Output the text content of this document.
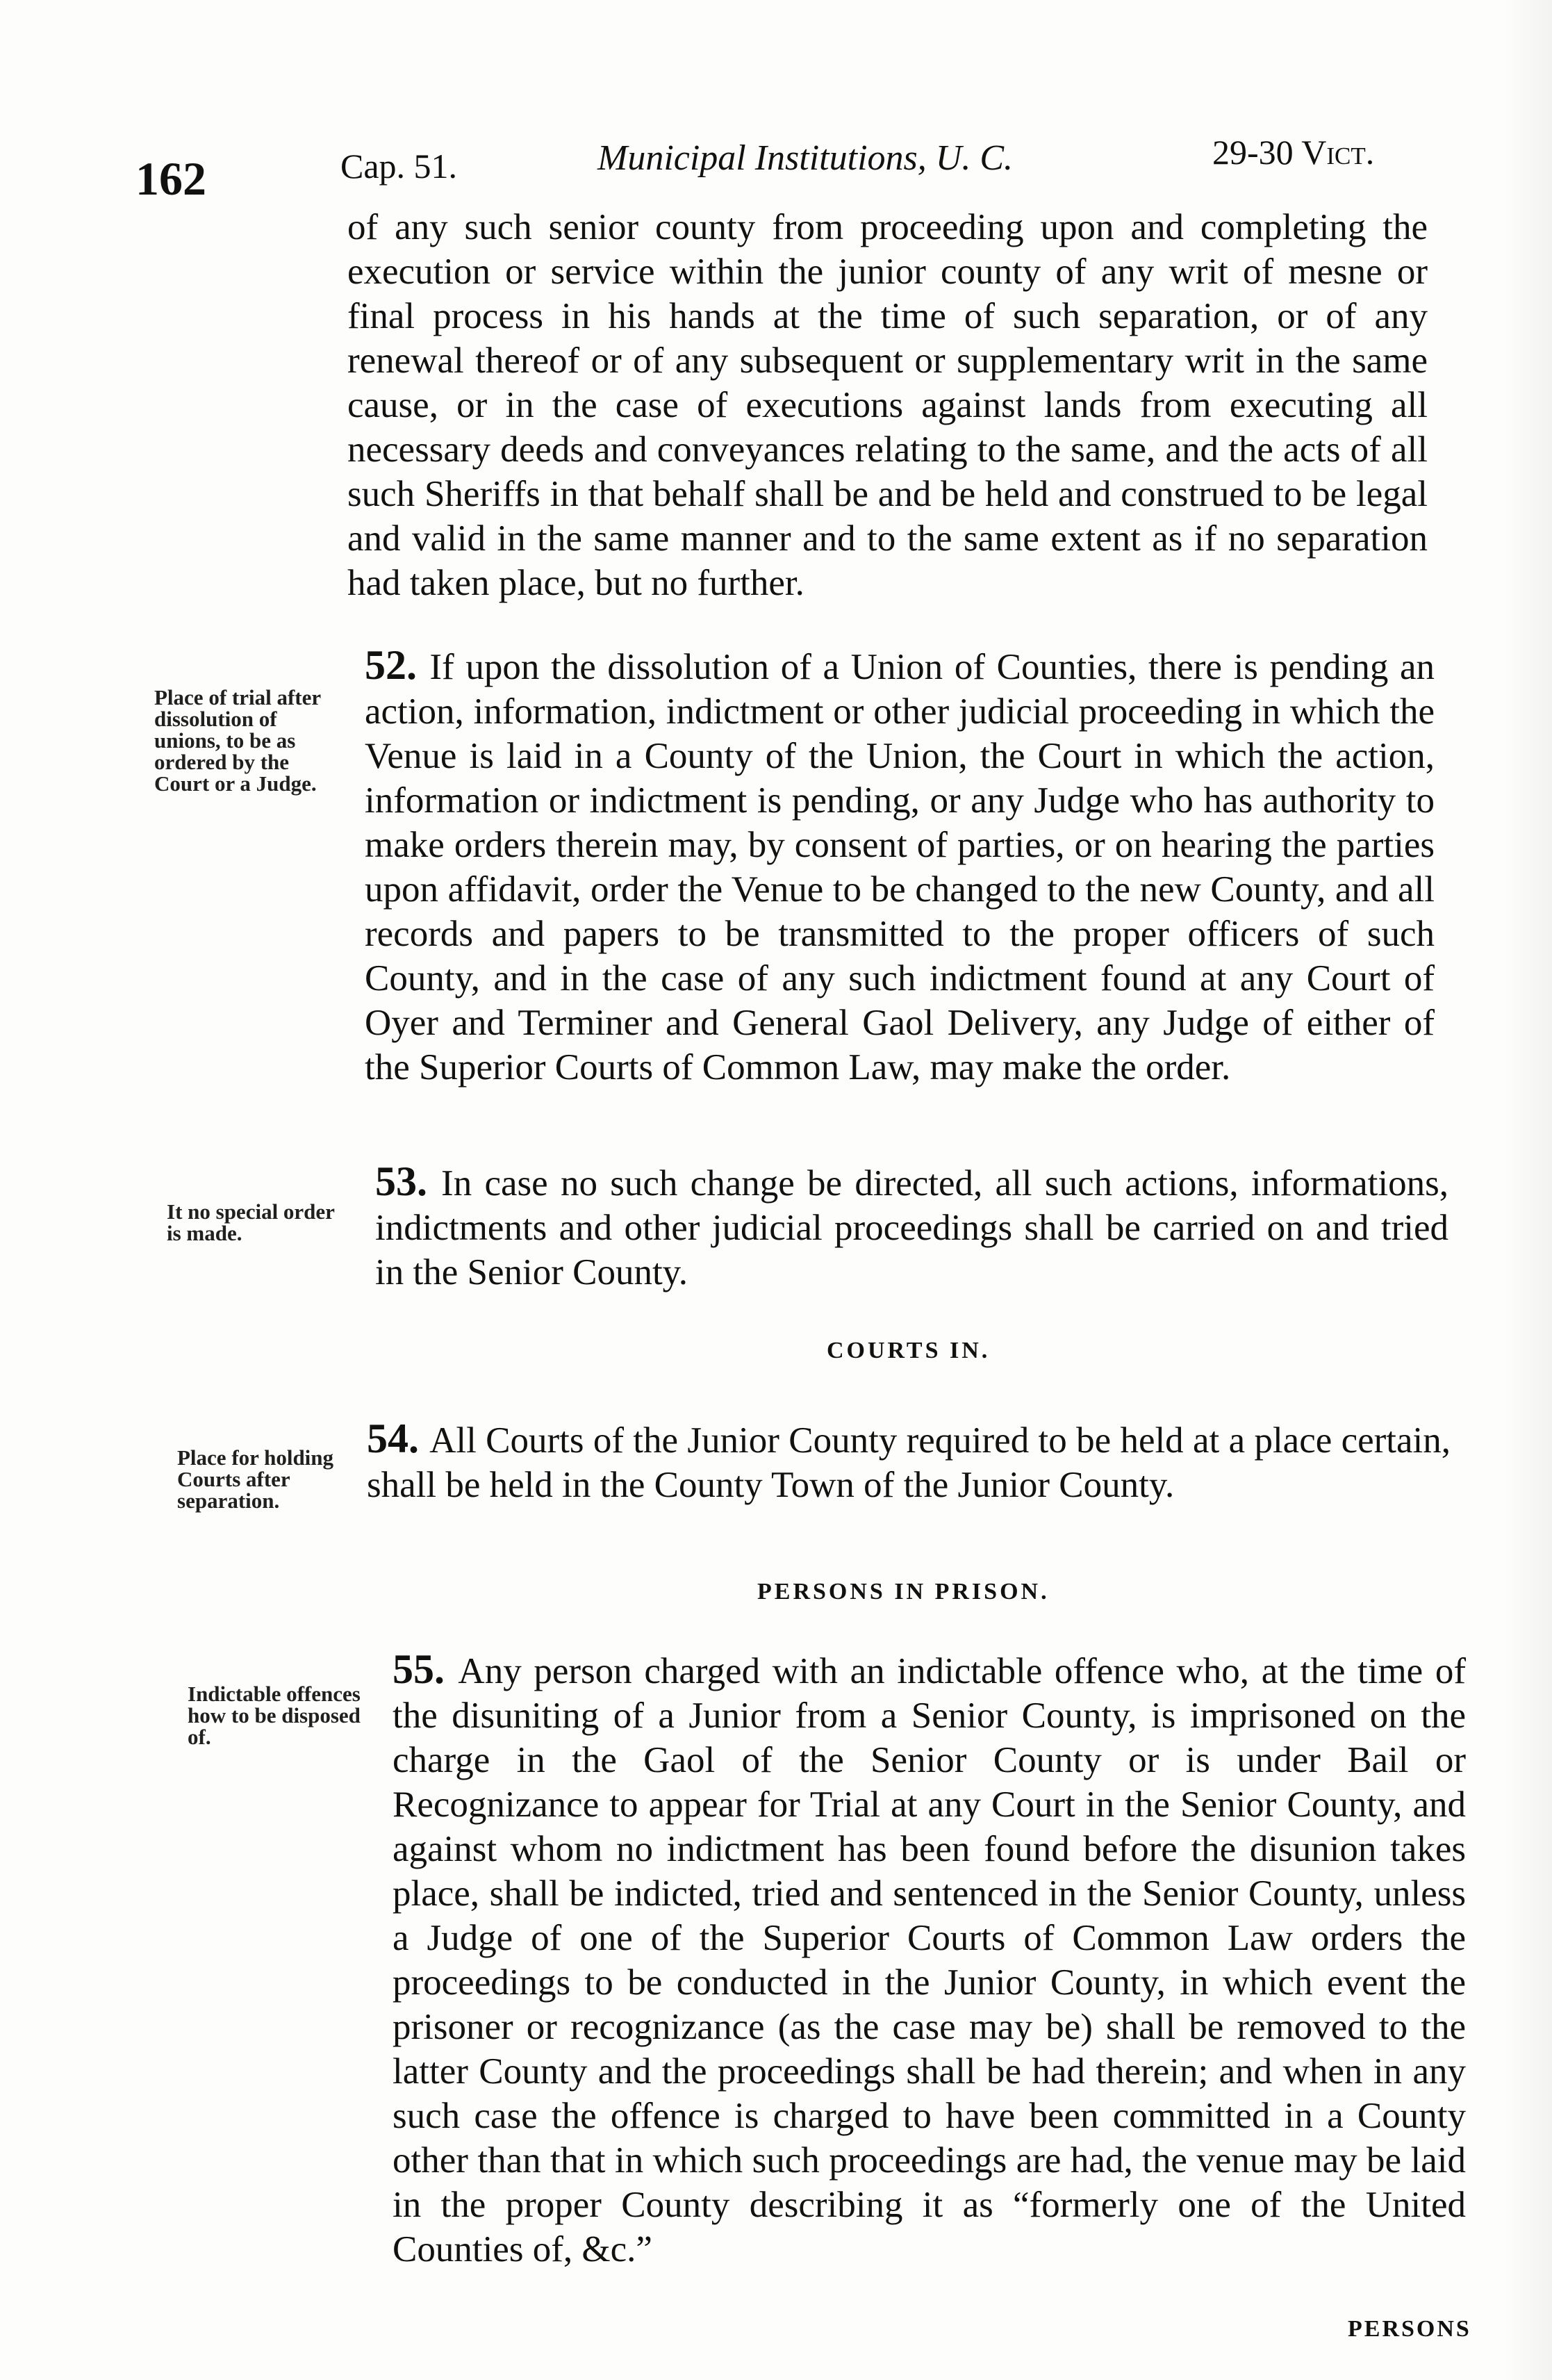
162	Cap. 51.	Municipal Institutions, U. C.	29-30 Vict.
of any such senior county from proceeding upon and completing the execution or service within the junior county of any writ of mesne or final process in his hands at the time of such separation, or of any renewal thereof or of any subsequent or supplementary writ in the same cause, or in the case of executions against lands from executing all necessary deeds and conveyances relating to the same, and the acts of all such Sheriffs in that behalf shall be and be held and construed to be legal and valid in the same manner and to the same extent as if no separation had taken place, but no further.
Place of trial after dissolution of unions, to be as ordered by the Court or a Judge.
52. If upon the dissolution of a Union of Counties, there is pending an action, information, indictment or other judicial proceeding in which the Venue is laid in a County of the Union, the Court in which the action, information or indictment is pending, or any Judge who has authority to make orders therein may, by consent of parties, or on hearing the parties upon affidavit, order the Venue to be changed to the new County, and all records and papers to be transmitted to the proper officers of such County, and in the case of any such indictment found at any Court of Oyer and Terminer and General Gaol Delivery, any Judge of either of the Superior Courts of Common Law, may make the order.
It no special order is made.
53. In case no such change be directed, all such actions, informations, indictments and other judicial proceedings shall be carried on and tried in the Senior County.
COURTS IN.
Place for holding Courts after separation.
54. All Courts of the Junior County required to be held at a place certain, shall be held in the County Town of the Junior County.
PERSONS IN PRISON.
Indictable offences how to be disposed of.
55. Any person charged with an indictable offence who, at the time of the disuniting of a Junior from a Senior County, is imprisoned on the charge in the Gaol of the Senior County or is under Bail or Recognizance to appear for Trial at any Court in the Senior County, and against whom no indictment has been found before the disunion takes place, shall be indicted, tried and sentenced in the Senior County, unless a Judge of one of the Superior Courts of Common Law orders the proceedings to be conducted in the Junior County, in which event the prisoner or recognizance (as the case may be) shall be removed to the latter County and the proceedings shall be had therein; and when in any such case the offence is charged to have been committed in a County other than that in which such proceedings are had, the venue may be laid in the proper County describing it as “formerly one of the United Counties of, &c.”
PERSONS
